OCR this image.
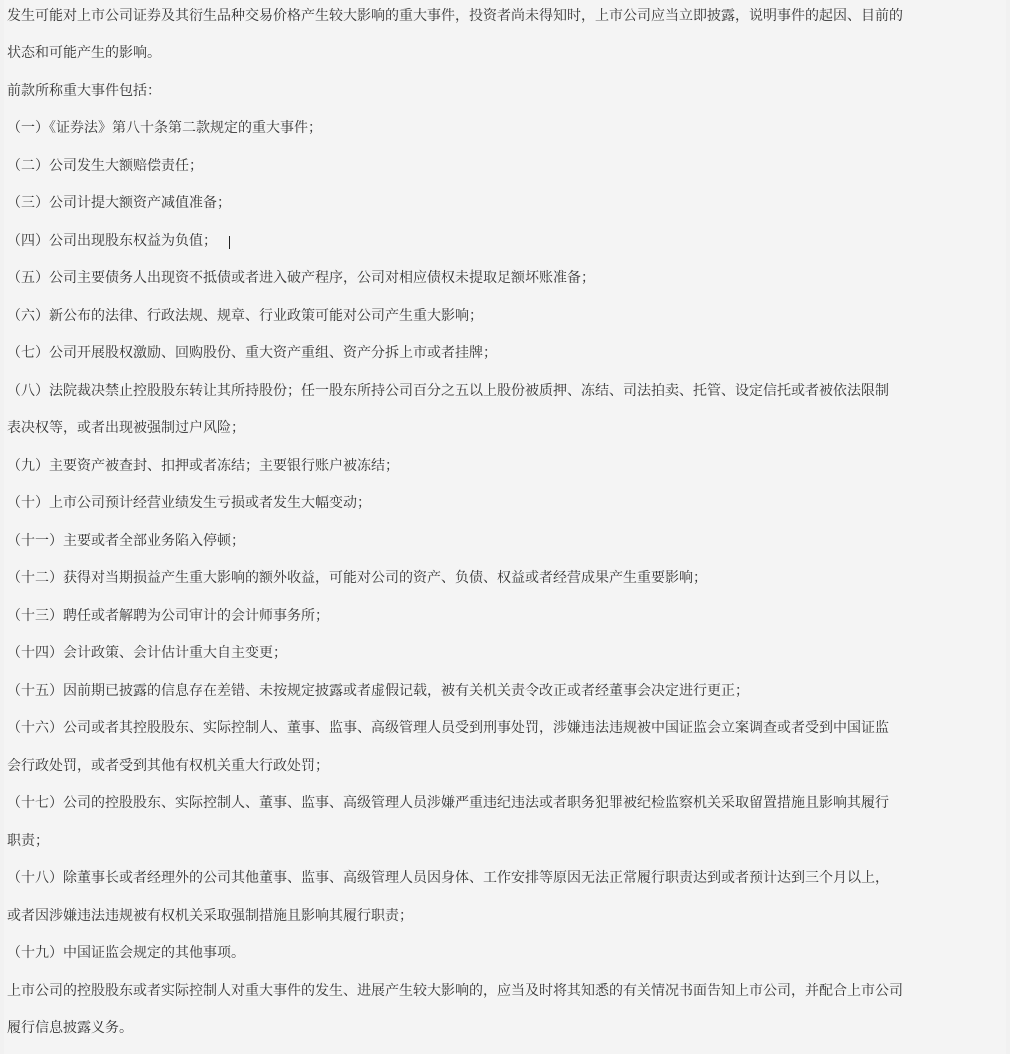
发生可能对上市公司证券及其衍生品种交易价格产生较大影响的重大事件，投资者尚未得知时，上市公司应当立即披露，说明事件的起因、目前的
状态和可能产生的影响。
前款所称重大事件包括：
（一）《证券法》第八十条第二款规定的重大事件；
（二）公司发生大额赔偿责任；
（三）公司计提大额资产减值准备；
（四）公司出现股东权益为负值；
（五）公司主要债务人出现资不抵债或者进入破产程序，公司对相应债权未提取足额坏账准备；
（六）新公布的法律、行政法规、规章、行业政策可能对公司产生重大影响；
（七）公司开展股权激励、回购股份、重大资产重组、资产分拆上市或者挂牌；
（八）法院裁决禁止控股股东转让其所持股份；任一股东所持公司百分之五以上股份被质押、冻结、司法拍卖、托管、设定信托或者被依法限制
表决权等，或者出现被强制过户风险；
（九）主要资产被查封、扣押或者冻结；主要银行账户被冻结；
（十）上市公司预计经营业绩发生亏损或者发生大幅变动；
（十一）主要或者全部业务陷入停顿；
（十二）获得对当期损益产生重大影响的额外收益，可能对公司的资产、负债、权益或者经营成果产生重要影响；
（十三）聘任或者解聘为公司审计的会计师事务所；
（十四）会计政策、会计估计重大自主变更；
（十五）因前期已披露的信息存在差错、未按规定披露或者虚假记载，被有关机关责令改正或者经董事会决定进行更正；
（十六）公司或者其控股股东、实际控制人、董事、监事、高级管理人员受到刑事处罚，涉嫌违法违规被中国证监会立案调查或者受到中国证监
会行政处罚，或者受到其他有权机关重大行政处罚；
（十七）公司的控股股东、实际控制人、董事、监事、高级管理人员涉嫌严重违纪违法或者职务犯罪被纪检监察机关采取留置措施且影响其履行
职责；
（十八）除董事长或者经理外的公司其他董事、监事、高级管理人员因身体、工作安排等原因无法正常履行职责达到或者预计达到三个月以上，
或者因涉嫌违法违规被有权机关采取强制措施且影响其履行职责；
（十九）中国证监会规定的其他事项。
上市公司的控股股东或者实际控制人对重大事件的发生、进展产生较大影响的，应当及时将其知悉的有关情况书面告知上市公司，并配合上市公司
履行信息披露义务。
